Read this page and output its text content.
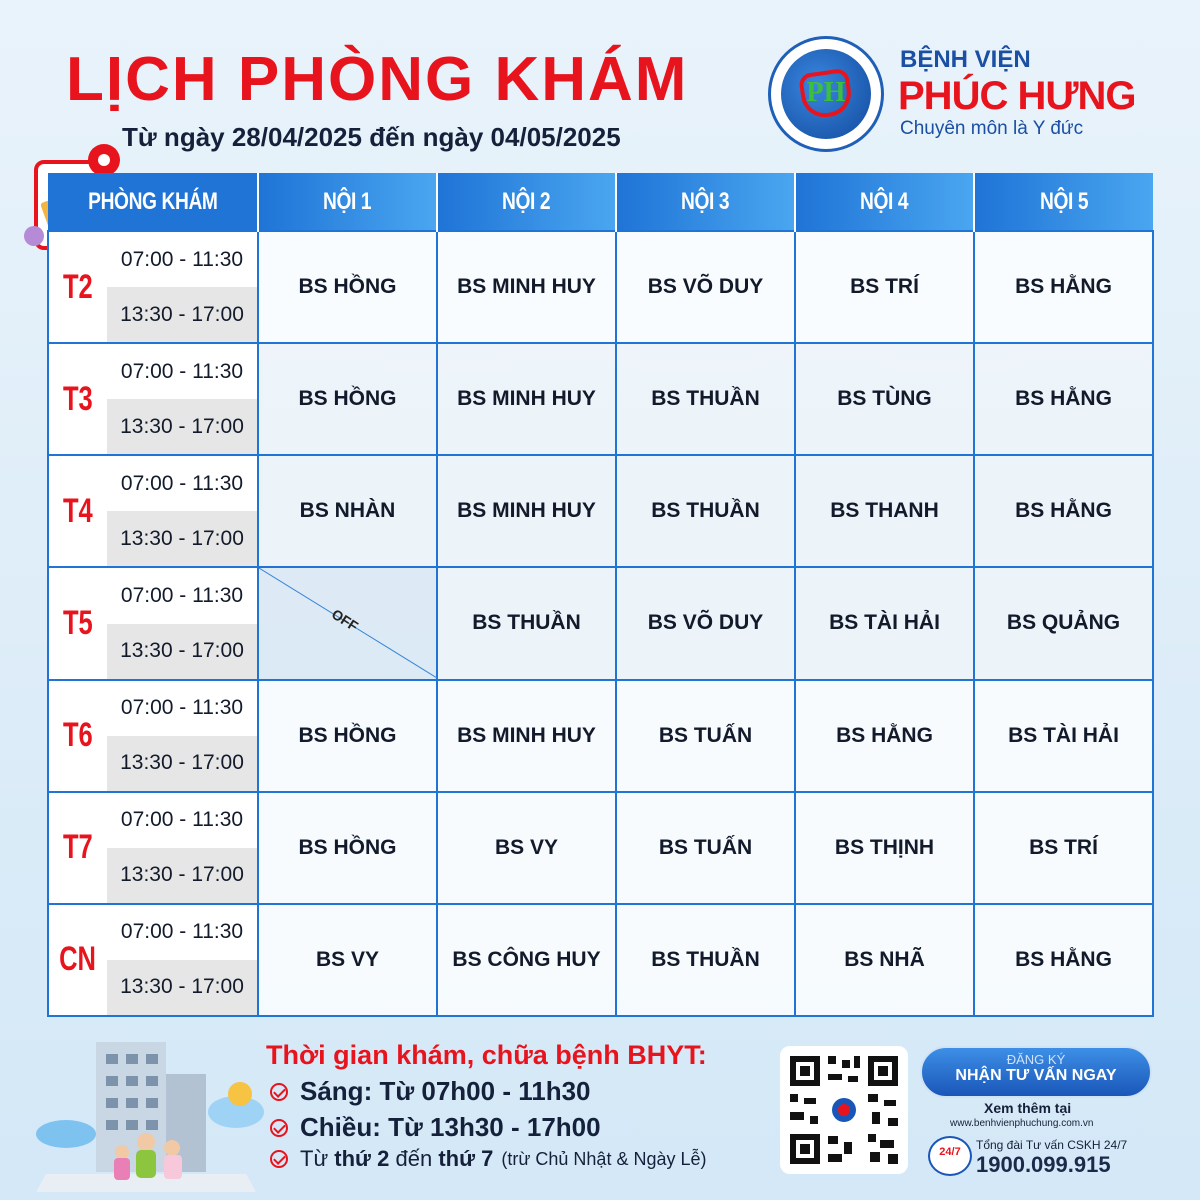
LỊCH PHÒNG KHÁM
Từ ngày 28/04/2025 đến ngày 04/05/2025
PH
BỆNH VIỆN
PHÚC HƯNG
Chuyên môn là Y đức
PHÒNG KHÁM	NỘI 1	NỘI 2	NỘI 3	NỘI 4	NỘI 5

T2
07:00 - 11:30
13:30 - 17:00	BS HỒNG	BS MINH HUY	BS VÕ DUY	BS TRÍ	BS HẰNG

T3
07:00 - 11:30
13:30 - 17:00	BS HỒNG	BS MINH HUY	BS THUẦN	BS TÙNG	BS HẰNG

T4
07:00 - 11:30
13:30 - 17:00	BS NHÀN	BS MINH HUY	BS THUẦN	BS THANH	BS HẰNG

T5
07:00 - 11:30
13:30 - 17:00	OFF	BS THUẦN	BS VÕ DUY	BS TÀI HẢI	BS QUẢNG

T6
07:00 - 11:30
13:30 - 17:00	BS HỒNG	BS MINH HUY	BS TUẤN	BS HẰNG	BS TÀI HẢI

T7
07:00 - 11:30
13:30 - 17:00	BS HỒNG	BS VY	BS TUẤN	BS THỊNH	BS TRÍ

CN
07:00 - 11:30
13:30 - 17:00	BS VY	BS CÔNG HUY	BS THUẦN	BS NHÃ	BS HẰNG
Thời gian khám, chữa bệnh BHYT:
Sáng: Từ 07h00 - 11h30
Chiều: Từ 13h30 - 17h00
Từ
thứ 2
đến
thứ 7 (trừ Chủ Nhật & Ngày Lễ)
ĐĂNG KÝ
NHẬN TƯ VẤN NGAY
Xem thêm tại
www.benhvienphuchung.com.vn
24/7	Tổng đài Tư vấn CSKH 24/7
1900.099.915
